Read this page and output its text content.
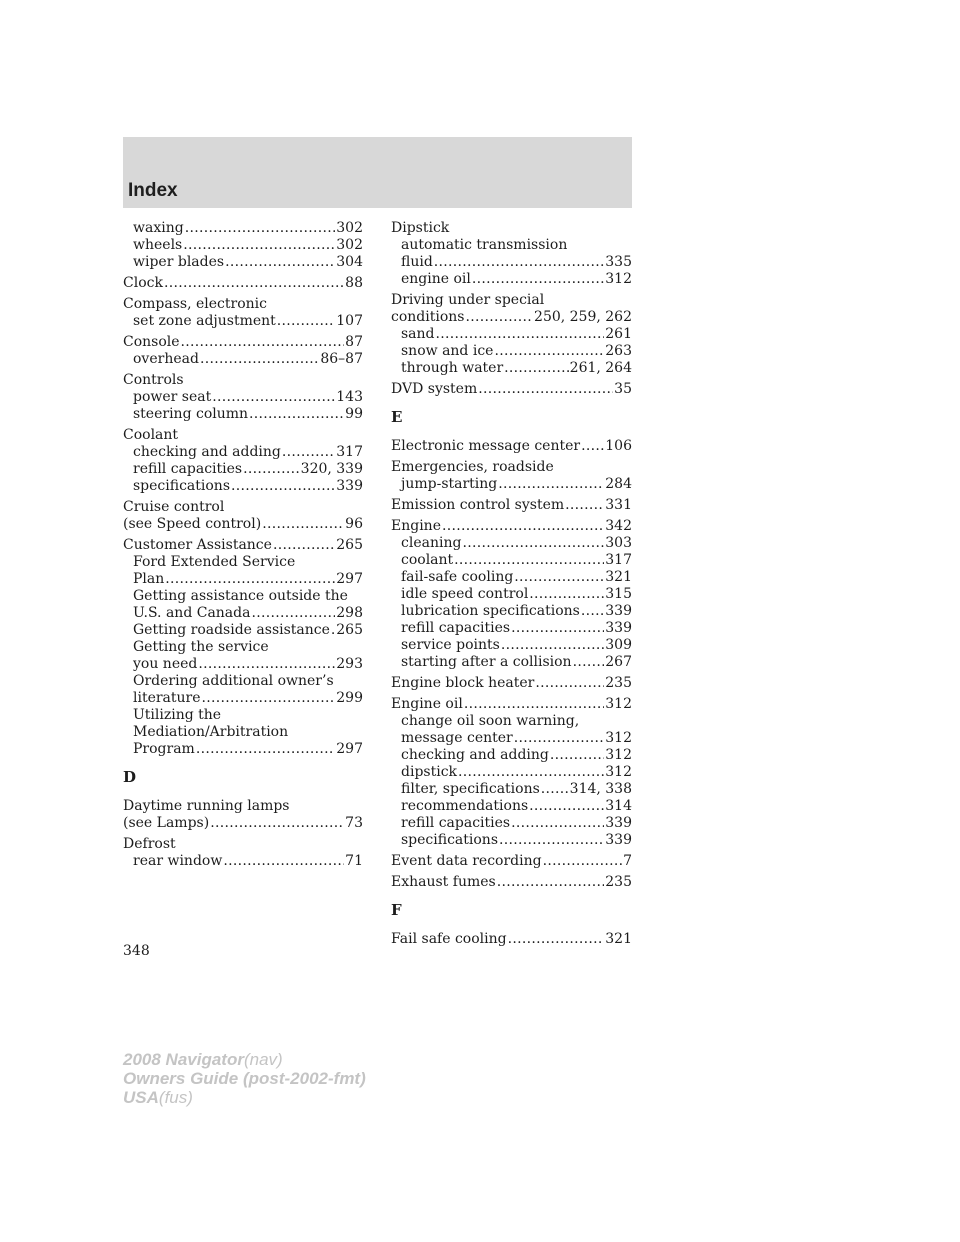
Index
waxing .....	302
wheels .....	302
wiper blades .....	304
Clock .....	88
Compass, electronic
set zone adjustment .....	107
Console .....	87
overhead .....	86–87
Controls
power seat .....	143
steering column .....	99
Coolant
checking and adding .....	317
refill capacities .....	320, 339
specifications .....	339
Cruise control
(see Speed control) .....	96
Customer Assistance .....	265
Ford Extended Service
Plan .....	297
Getting assistance outside the
U.S. and Canada .....	298
Getting roadside assistance ..... 265
Getting the service
you need .....	293
Ordering additional owner’s
literature .....	299
Utilizing the
Mediation/Arbitration
Program .....	297
D
Daytime running lamps
(see Lamps) .....	73
Defrost
rear window .....	71
Dipstick
automatic transmission
fluid .....	335
engine oil .....	312
Driving under special
conditions .....	250, 259, 262
sand .....	261
snow and ice .....	263
through water .....	261, 264
DVD system .....	35
E
Electronic message center ..... 106
Emergencies, roadside
jump-starting .....	284
Emission control system .....	331
Engine .....	342
cleaning .....	303
coolant .....	317
fail-safe cooling .....	321
idle speed control .....	315
lubrication specifications ..... 339
refill capacities .....	339
service points .....	309
starting after a collision ..... 267
Engine block heater .....	235
Engine oil .....	312
change oil soon warning,
message center .....	312
checking and adding .....	312
dipstick .....	312
filter, specifications ..... 314, 338
recommendations .....	314
refill capacities .....	339
specifications .....	339
Event data recording .....	7
Exhaust fumes .....	235
F
Fail safe cooling .....	321
348
2008 Navigator(nav)
Owners Guide (post-2002-fmt)
USA(fus)
